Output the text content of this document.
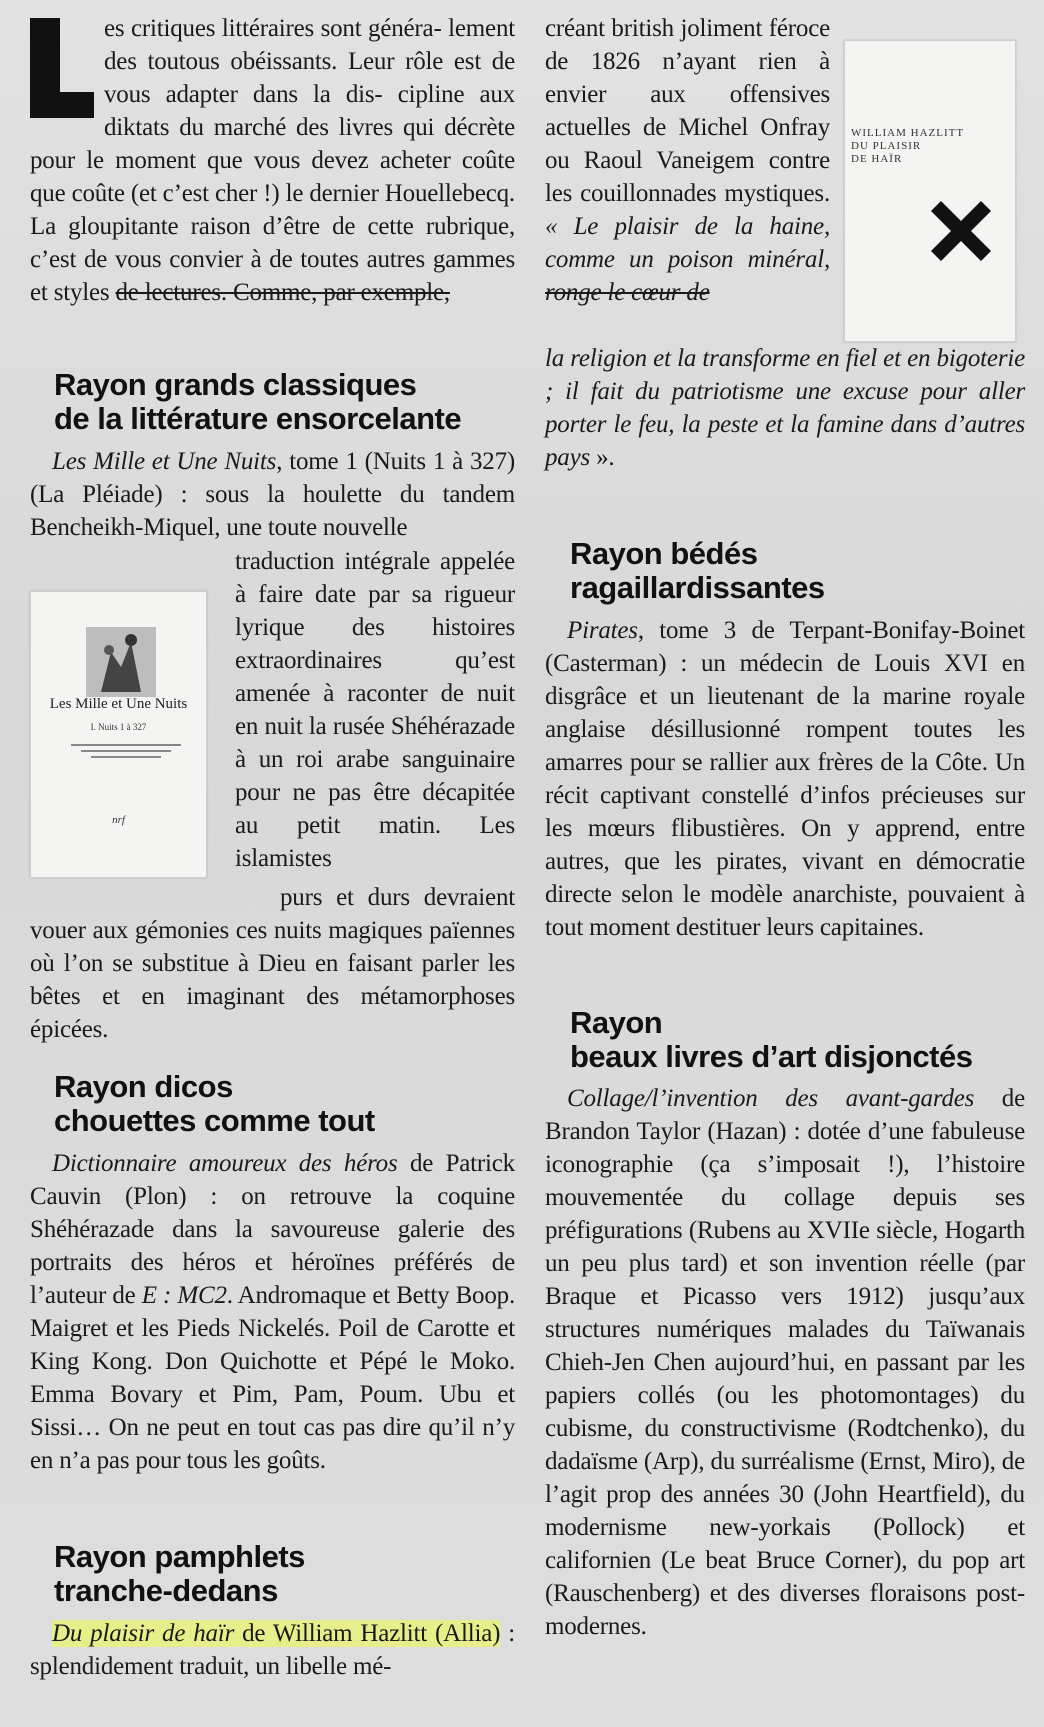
es critiques littéraires sont généra- lement des toutous obéissants. Leur rôle est de vous adapter dans la dis- cipline aux diktats du marché des livres qui décrète pour le moment que vous devez acheter coûte que coûte (et c’est cher !) le dernier Houellebecq. La gloupitante raison d’être de cette rubrique, c’est de vous convier à de toutes autres gammes et styles de lectures. Comme, par exemple,

Rayon grands classiques
de la littérature ensorcelante

Les Mille et Une Nuits, tome 1 (Nuits 1 à 327) (La Pléiade) : sous la houlette du tandem Bencheikh-Miquel, une toute nouvelle

Les Mille et Une Nuits
I. Nuits 1 à 327
nrf

traduction intégrale appelée à faire date par sa rigueur lyrique des histoires extraordinaires qu’est amenée à raconter de nuit en nuit la rusée Shéhérazade à un roi arabe sanguinaire pour ne pas être décapitée au petit matin. Les islamistes

purs et durs devraient vouer aux gémonies ces nuits magiques païennes où l’on se substitue à Dieu en faisant parler les bêtes et en imaginant des métamorphoses épicées.

Rayon dicos
chouettes comme tout

Dictionnaire amoureux des héros de Patrick Cauvin (Plon) : on retrouve la coquine Shéhérazade dans la savoureuse galerie des portraits des héros et héroïnes préférés de l’auteur de E : MC2. Andromaque et Betty Boop. Maigret et les Pieds Nickelés. Poil de Carotte et King Kong. Don Quichotte et Pépé le Moko. Emma Bovary et Pim, Pam, Poum. Ubu et Sissi… On ne peut en tout cas pas dire qu’il n’y en n’a pas pour tous les goûts.

Rayon pamphlets
tranche-dedans

Du plaisir de haïr de William Hazlitt (Allia) : splendidement traduit, un libelle mé-

créant british joliment féroce de 1826 n’ayant rien à envier aux offensives actuelles de Michel Onfray ou Raoul Vaneigem contre les couillonnades mystiques. « Le plaisir de la haine, comme un poison minéral, ronge le cœur de

WILLIAM HAZLITT
DU PLAISIR
DE HAÏR

la religion et la transforme en fiel et en bigoterie ; il fait du patriotisme une excuse pour aller porter le feu, la peste et la famine dans d’autres pays ».

Rayon bédés
ragaillardissantes

Pirates, tome 3 de Terpant-Bonifay-Boinet (Casterman) : un médecin de Louis XVI en disgrâce et un lieutenant de la marine royale anglaise désillusionné rompent toutes les amarres pour se rallier aux frères de la Côte. Un récit captivant constellé d’infos précieuses sur les mœurs flibustières. On y apprend, entre autres, que les pirates, vivant en démocratie directe selon le modèle anarchiste, pouvaient à tout moment destituer leurs capitaines.

Rayon
beaux livres d’art disjonctés

Collage/l’invention des avant-gardes de Brandon Taylor (Hazan) : dotée d’une fabuleuse iconographie (ça s’imposait !), l’histoire mouvementée du collage depuis ses préfigurations (Rubens au XVIIe siècle, Hogarth un peu plus tard) et son invention réelle (par Braque et Picasso vers 1912) jusqu’aux structures numériques malades du Taïwanais Chieh-Jen Chen aujourd’hui, en passant par les papiers collés (ou les photomontages) du cubisme, du constructivisme (Rodtchenko), du dadaïsme (Arp), du surréalisme (Ernst, Miro), de l’agit prop des années 30 (John Heartfield), du modernisme new-yorkais (Pollock) et californien (Le beat Bruce Corner), du pop art (Rauschenberg) et des diverses floraisons post-modernes.
